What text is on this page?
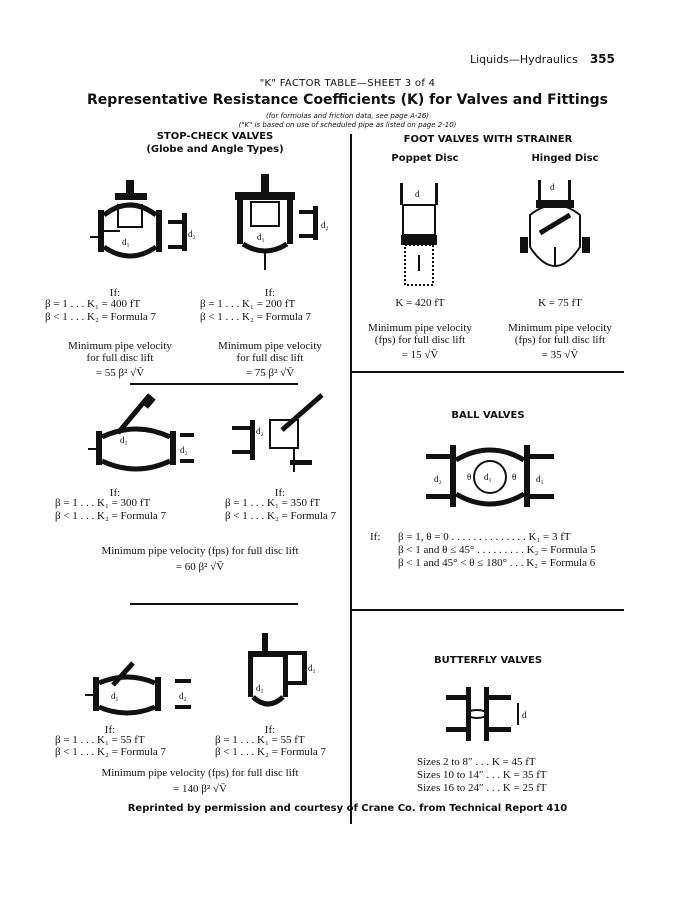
Liquids—Hydraulics 355
"K" FACTOR TABLE—SHEET 3 of 4
Representative Resistance Coefficients (K) for Valves and Fittings
(for formulas and friction data, see page A-26)
("K" is based on use of scheduled pipe as listed on page 2-10)
STOP-CHECK VALVES
(Globe and Angle Types)
d₁
d₂	d₁
d₂
If:
β = 1 . . . K₁ = 400 fT
β < 1 . . . K₂ = Formula 7
If:
β = 1 . . . K₁ = 200 fT
β < 1 . . . K₂ = Formula 7
Minimum pipe velocity
for full disc lift
= 55 β² √V̄
Minimum pipe velocity
for full disc lift
= 75 β² √V̄
d₁
d₂
d₂
If:
β = 1 . . . K₁ = 300 fT
β < 1 . . . K₂ = Formula 7
If:
β = 1 . . . K₁ = 350 fT
β < 1 . . . K₂ = Formula 7
Minimum pipe velocity (fps) for full disc lift
= 60 β² √V̄
d₁	d₂
d₁
d₁
If:
β = 1 . . . K₁ = 55 fT
β < 1 . . . K₂ = Formula 7
If:
β = 1 . . . K₁ = 55 fT
β < 1 . . . K₂ = Formula 7
Minimum pipe velocity (fps) for full disc lift
= 140 β² √V̄
FOOT VALVES WITH STRAINER
Poppet Disc	Hinged Disc
d
d
K = 420 fT	K = 75 fT
Minimum pipe velocity
(fps) for full disc lift
= 15 √V̄
Minimum pipe velocity
(fps) for full disc lift
= 35 √V̄
BALL VALVES
d₂	θ d₁ θ d₁
If: β = 1, θ = 0 . . . . . . . . . . . . . . K₁ = 3 fT
β < 1 and θ ≤ 45° . . . . . . . . . K₂ = Formula 5
β < 1 and 45° < θ ≤ 180° . . . K₂ = Formula 6
BUTTERFLY VALVES
d
Sizes 2 to 8″ . . . K = 45 fT
Sizes 10 to 14″ . . . K = 35 fT
Sizes 16 to 24″ . . . K = 25 fT
Reprinted by permission and courtesy of Crane Co. from Technical Report 410
